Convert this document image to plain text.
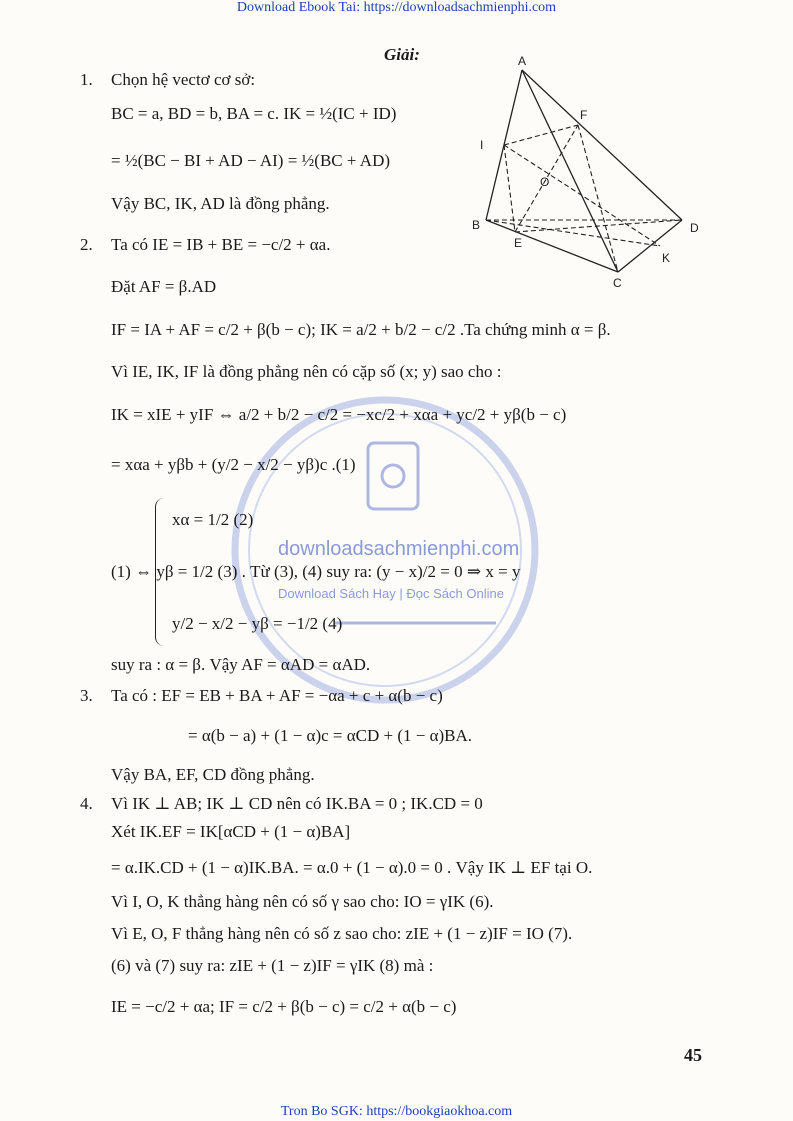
Download Ebook Tai: https://downloadsachmienphi.com
Giải:	A
F
I
O
B
E
D
K
C
downloadsachmienphi.com
Download Sách Hay | Đọc Sách Online
1.
2.
3.
4.
Chọn hệ vectơ cơ sở:
BC = a, BD = b, BA = c. IK = ½(IC + ID)
= ½(BC − BI + AD − AI) = ½(BC + AD)
Vậy BC, IK, AD là đồng phẳng.
Ta có IE = IB + BE = −c/2 + αa.
Đặt AF = β.AD
IF = IA + AF = c/2 + β(b − c); IK = a/2 + b/2 − c/2 .Ta chứng minh α = β.
Vì IE, IK, IF là đồng phẳng nên có cặp số (x; y) sao cho :
IK = xIE + yIF ⇔ a/2 + b/2 − c/2 = −xc/2 + xαa + yc/2 + yβ(b − c)
= xαa + yβb + (y/2 − x/2 − yβ)c .(1)
xα = 1/2 (2)
(1) ⇔ yβ = 1/2 (3) . Từ (3), (4) suy ra: (y − x)/2 = 0 ⇒ x = y
y/2 − x/2 − yβ = −1/2 (4)
suy ra : α = β. Vậy AF = αAD = αAD.
Ta có : EF = EB + BA + AF = −αa + c + α(b − c)
= α(b − a) + (1 − α)c = αCD + (1 − α)BA.
Vậy BA, EF, CD đồng phẳng.
Vì IK ⊥ AB; IK ⊥ CD nên có IK.BA = 0 ; IK.CD = 0
Xét IK.EF = IK[αCD + (1 − α)BA]
= α.IK.CD + (1 − α)IK.BA. = α.0 + (1 − α).0 = 0 . Vậy IK ⊥ EF tại O.
Vì I, O, K thẳng hàng nên có số γ sao cho: IO = γIK (6).
Vì E, O, F thẳng hàng nên có số z sao cho: zIE + (1 − z)IF = IO (7).
(6) và (7) suy ra: zIE + (1 − z)IF = γIK (8) mà :
IE = −c/2 + αa; IF = c/2 + β(b − c) = c/2 + α(b − c)
45
Tron Bo SGK: https://bookgiaokhoa.com
